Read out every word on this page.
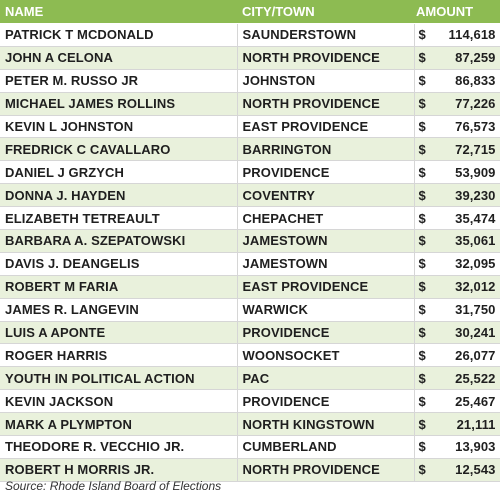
NAME	CITY/TOWN	AMOUNT	
PATRICK T MCDONALD	SAUNDERSTOWN	$	114,618
JOHN A CELONA	NORTH PROVIDENCE	$	87,259
PETER M. RUSSO JR	JOHNSTON	$	86,833
MICHAEL JAMES ROLLINS	NORTH PROVIDENCE	$	77,226
KEVIN L JOHNSTON	EAST PROVIDENCE	$	76,573
FREDRICK C CAVALLARO	BARRINGTON	$	72,715
DANIEL J GRZYCH	PROVIDENCE	$	53,909
DONNA J. HAYDEN	COVENTRY	$	39,230
ELIZABETH TETREAULT	CHEPACHET	$	35,474
BARBARA A. SZEPATOWSKI	JAMESTOWN	$	35,061
DAVIS J. DEANGELIS	JAMESTOWN	$	32,095
ROBERT M FARIA	EAST PROVIDENCE	$	32,012
JAMES R. LANGEVIN	WARWICK	$	31,750
LUIS A APONTE	PROVIDENCE	$	30,241
ROGER HARRIS	WOONSOCKET	$	26,077
YOUTH IN POLITICAL ACTION	PAC	$	25,522
KEVIN JACKSON	PROVIDENCE	$	25,467
MARK A PLYMPTON	NORTH KINGSTOWN	$	21,111
THEODORE R. VECCHIO JR.	CUMBERLAND	$	13,903
ROBERT H MORRIS JR.	NORTH PROVIDENCE	$	12,543
Source: Rhode Island Board of Elections
